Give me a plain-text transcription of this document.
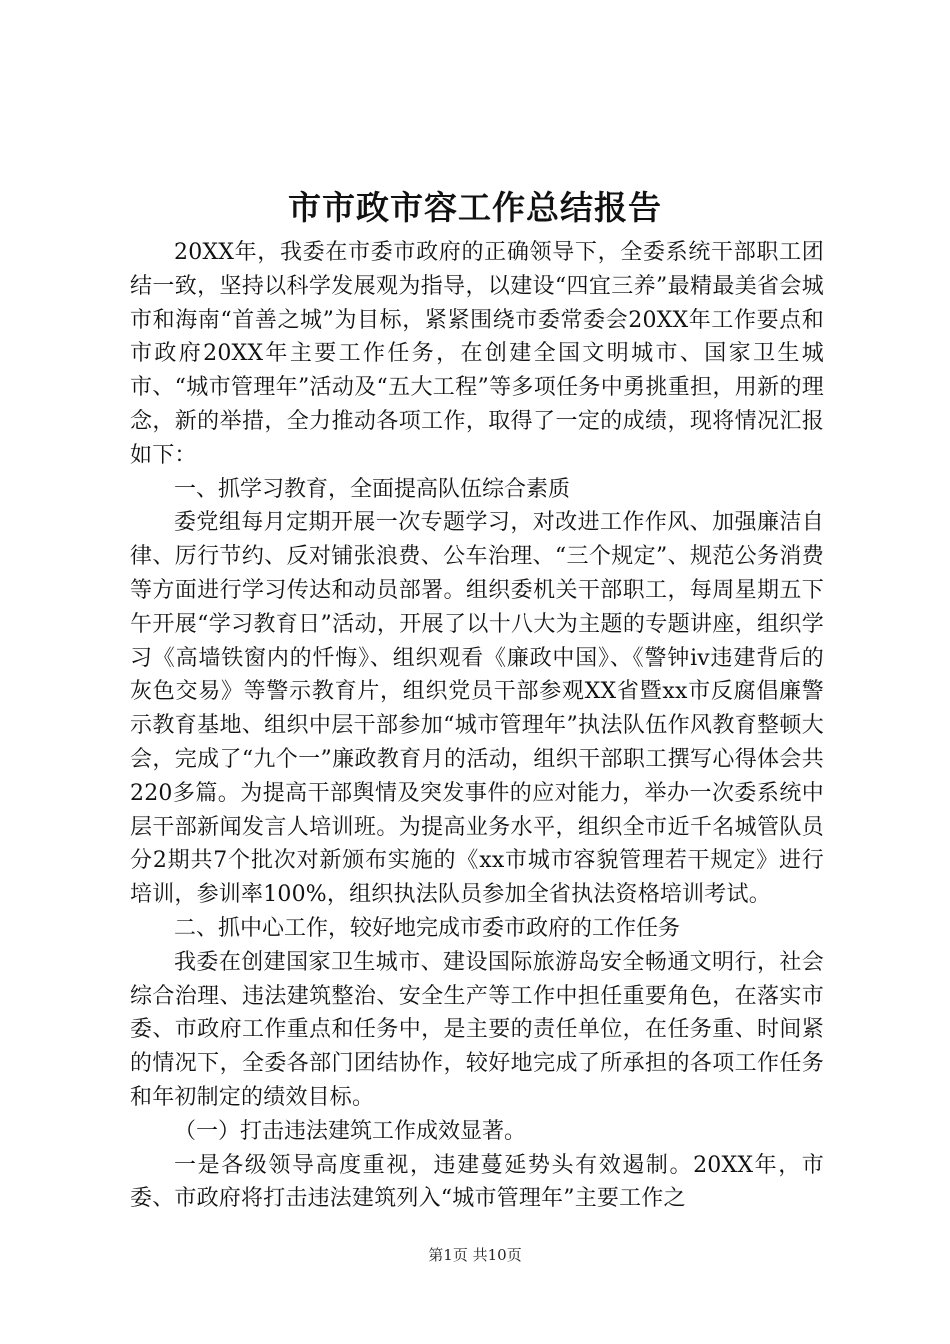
市市政市容工作总结报告

20XX年，我委在市委市政府的正确领导下，全委系统干部职工团结一致，坚持以科学发展观为指导，以建设“四宜三养”最精最美省会城市和海南“首善之城”为目标，紧紧围绕市委常委会20XX年工作要点和市政府20XX年主要工作任务，在创建全国文明城市、国家卫生城市、“城市管理年”活动及“五大工程”等多项任务中勇挑重担，用新的理念，新的举措，全力推动各项工作，取得了一定的成绩，现将情况汇报如下：

一、抓学习教育，全面提高队伍综合素质

委党组每月定期开展一次专题学习，对改进工作作风、加强廉洁自律、厉行节约、反对铺张浪费、公车治理、“三个规定”、规范公务消费等方面进行学习传达和动员部署。组织委机关干部职工，每周星期五下午开展“学习教育日”活动，开展了以十八大为主题的专题讲座，组织学习《高墙铁窗内的忏悔》、组织观看《廉政中国》、《警钟iv违建背后的灰色交易》等警示教育片，组织党员干部参观XX省暨xx市反腐倡廉警示教育基地、组织中层干部参加“城市管理年”执法队伍作风教育整顿大会，完成了“九个一”廉政教育月的活动，组织干部职工撰写心得体会共220多篇。为提高干部舆情及突发事件的应对能力，举办一次委系统中层干部新闻发言人培训班。为提高业务水平，组织全市近千名城管队员分2期共7个批次对新颁布实施的《xx市城市容貌管理若干规定》进行培训，参训率100%，组织执法队员参加全省执法资格培训考试。

二、抓中心工作，较好地完成市委市政府的工作任务

我委在创建国家卫生城市、建设国际旅游岛安全畅通文明行，社会综合治理、违法建筑整治、安全生产等工作中担任重要角色，在落实市委、市政府工作重点和任务中，是主要的责任单位，在任务重、时间紧的情况下，全委各部门团结协作，较好地完成了所承担的各项工作任务和年初制定的绩效目标。

（一）打击违法建筑工作成效显著。

一是各级领导高度重视，违建蔓延势头有效遏制。20XX年，市委、市政府将打击违法建筑列入“城市管理年”主要工作之

第1页 共10页
